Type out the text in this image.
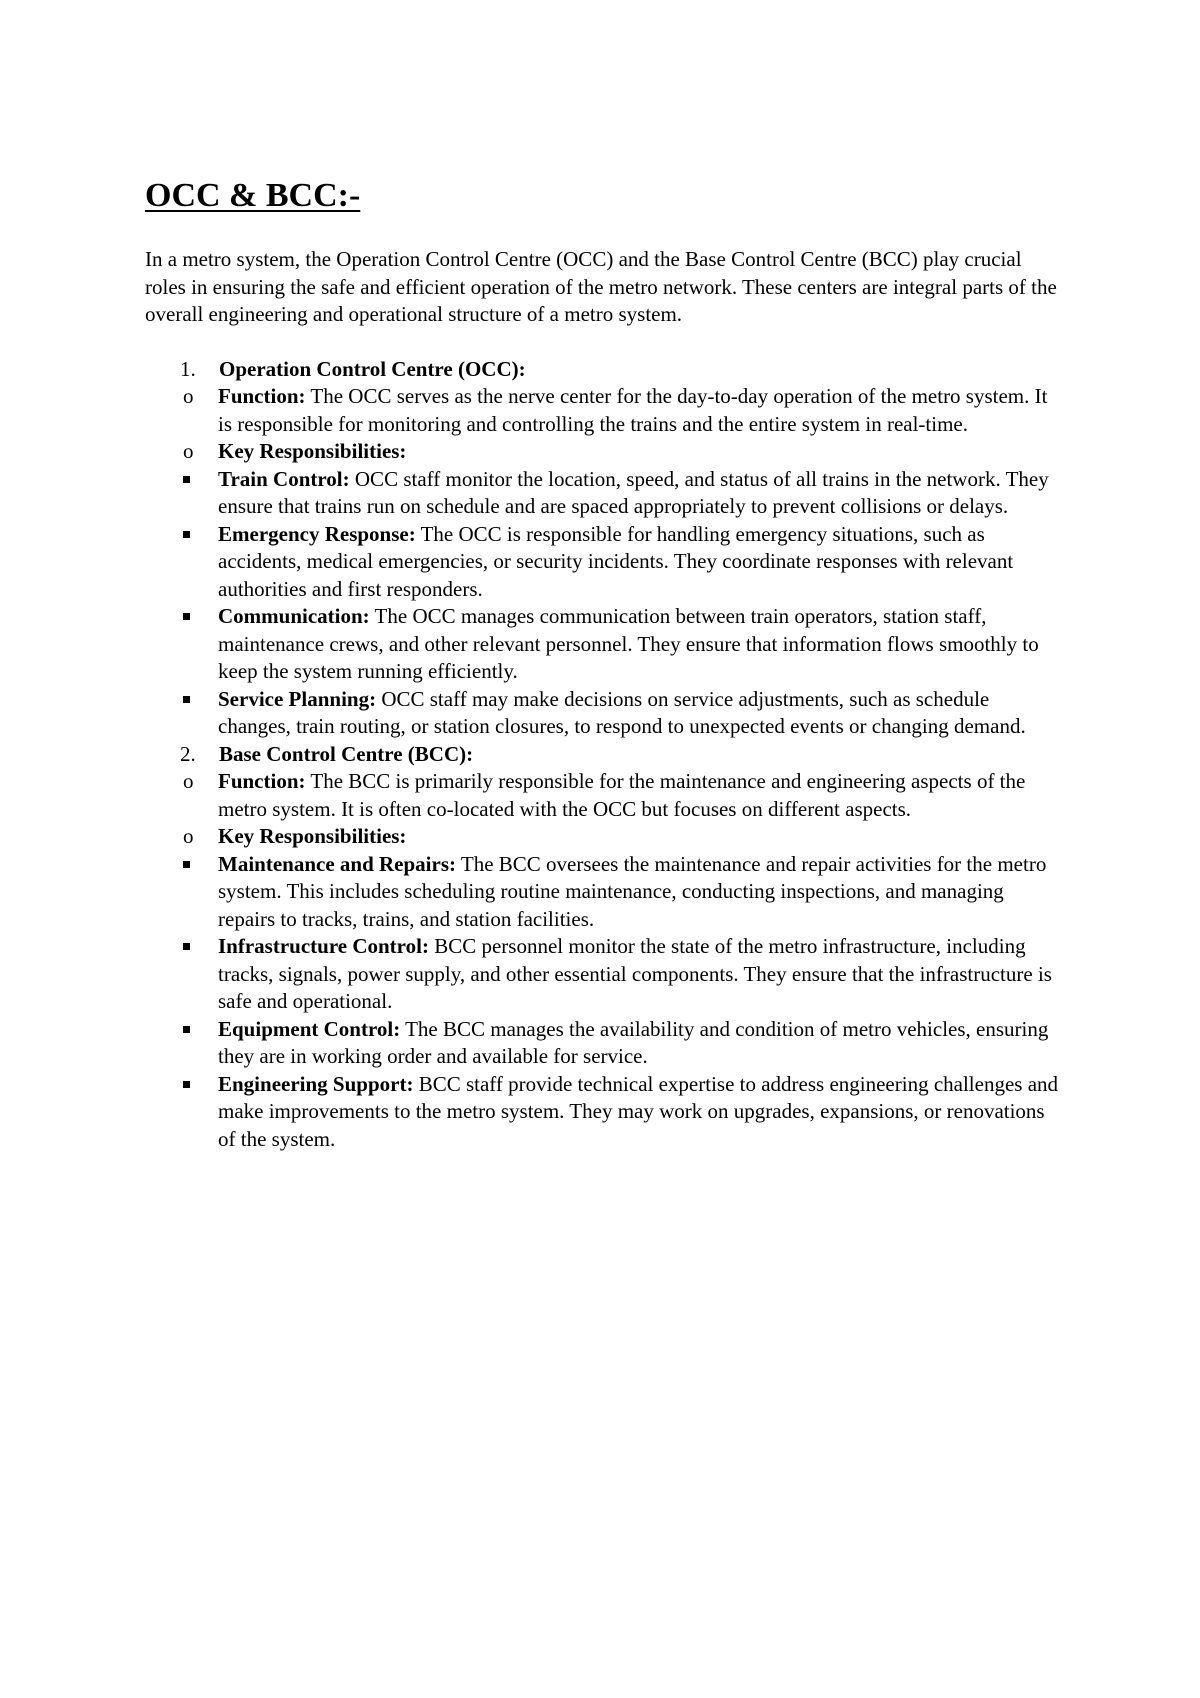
OCC & BCC:-

In a metro system, the Operation Control Centre (OCC) and the Base Control Centre (BCC) play crucial roles in ensuring the safe and efficient operation of the metro network. These centers are integral parts of the overall engineering and operational structure of a metro system.

1. Operation Control Centre (OCC):
o Function: The OCC serves as the nerve center for the day-to-day operation of the metro system. It is responsible for monitoring and controlling the trains and the entire system in real-time.
o Key Responsibilities:
Train Control: OCC staff monitor the location, speed, and status of all trains in the network. They ensure that trains run on schedule and are spaced appropriately to prevent collisions or delays.
Emergency Response: The OCC is responsible for handling emergency situations, such as accidents, medical emergencies, or security incidents. They coordinate responses with relevant authorities and first responders.
Communication: The OCC manages communication between train operators, station staff, maintenance crews, and other relevant personnel. They ensure that information flows smoothly to keep the system running efficiently.
Service Planning: OCC staff may make decisions on service adjustments, such as schedule changes, train routing, or station closures, to respond to unexpected events or changing demand.
2. Base Control Centre (BCC):
o Function: The BCC is primarily responsible for the maintenance and engineering aspects of the metro system. It is often co-located with the OCC but focuses on different aspects.
o Key Responsibilities:
Maintenance and Repairs: The BCC oversees the maintenance and repair activities for the metro system. This includes scheduling routine maintenance, conducting inspections, and managing repairs to tracks, trains, and station facilities.
Infrastructure Control: BCC personnel monitor the state of the metro infrastructure, including tracks, signals, power supply, and other essential components. They ensure that the infrastructure is safe and operational.
Equipment Control: The BCC manages the availability and condition of metro vehicles, ensuring they are in working order and available for service.
Engineering Support: BCC staff provide technical expertise to address engineering challenges and make improvements to the metro system. They may work on upgrades, expansions, or renovations of the system.
